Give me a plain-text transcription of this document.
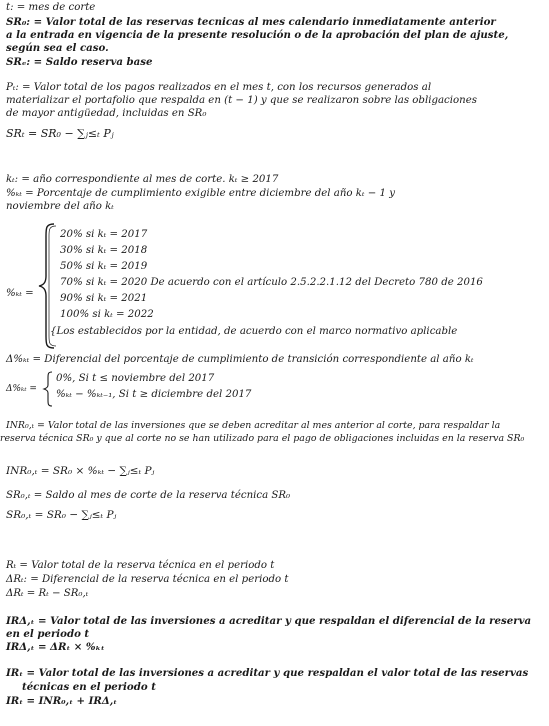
t: = mes de corte
SR₀: = Valor total de las reservas tecnicas al mes calendario inmediatamente anterior
a la entrada en vigencia de la presente resolución o de la aprobación del plan de ajuste,
según sea el caso.
SRₑ: = Saldo reserva base
Pₜ: = Valor total de los pagos realizados en el mes t, con los recursos generados al
materializar el portafolio que respalda en (t − 1) y que se realizaron sobre las obligaciones
de mayor antigüedad, incluidas en SR₀
SRₜ = SR₀ − ∑ⱼ≤ₜ Pⱼ
kₜ: = año correspondiente al mes de corte. kₜ ≥ 2017
%ₖₜ = Porcentaje de cumplimiento exigible entre diciembre del año kₜ − 1 y
noviembre del año kₜ
%ₖₜ =
20% si kₜ = 2017
30% si kₜ = 2018
50% si kₜ = 2019
70% si kₜ = 2020 De acuerdo con el artículo 2.5.2.2.1.12 del Decreto 780 de 2016
90% si kₜ = 2021
100% si kₜ = 2022
{Los establecidos por la entidad, de acuerdo con el marco normativo aplicable
Δ%ₖₜ = Diferencial del porcentaje de cumplimiento de transición correspondiente al año kₜ
Δ%ₖₜ =
0%, Si t ≤ noviembre del 2017
%ₖₜ − %ₖₜ₋₁, Si t ≥ diciembre del 2017
INR₀,ₜ = Valor total de las inversiones que se deben acreditar al mes anterior al corte, para respaldar la
reserva técnica SR₀ y que al corte no se han utilizado para el pago de obligaciones incluidas en la reserva SR₀
INR₀,ₜ = SR₀ × %ₖₜ − ∑ⱼ≤ₜ Pⱼ
SR₀,ₜ = Saldo al mes de corte de la reserva técnica SR₀
SR₀,ₜ = SR₀ − ∑ⱼ≤ₜ Pⱼ
Rₜ = Valor total de la reserva técnica en el periodo t
ΔRₜ: = Diferencial de la reserva técnica en el periodo t
ΔRₜ = Rₜ − SR₀,ₜ
IRΔ,ₜ = Valor total de las inversiones a acreditar y que respaldan el diferencial de la reserva
en el periodo t
IRΔ,ₜ = ΔRₜ × %ₖₜ
IRₜ = Valor total de las inversiones a acreditar y que respaldan el valor total de las reservas
técnicas en el periodo t
IRₜ = INR₀,ₜ + IRΔ,ₜ
